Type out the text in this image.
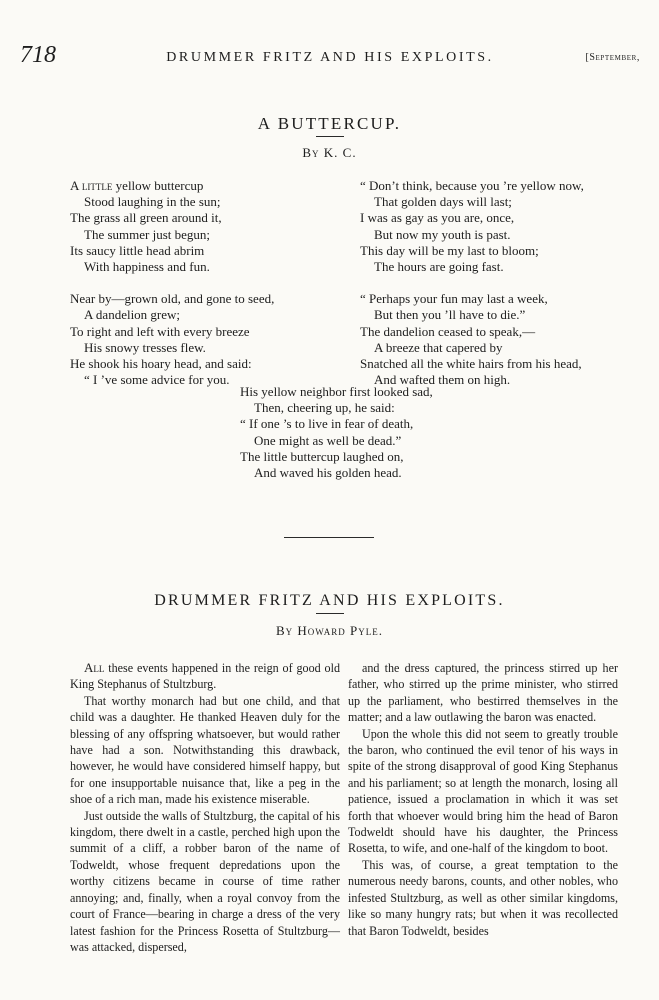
718	DRUMMER FRITZ AND HIS EXPLOITS.	[September,
A BUTTERCUP.
By K. C.
A little yellow buttercup
Stood laughing in the sun;
The grass all green around it,
The summer just begun;
Its saucy little head abrim
With happiness and fun.
Near by—grown old, and gone to seed,
A dandelion grew;
To right and left with every breeze
His snowy tresses flew.
He shook his hoary head, and said:
“ I ’ve some advice for you.
“ Don’t think, because you ’re yellow now,
That golden days will last;
I was as gay as you are, once,
But now my youth is past.
This day will be my last to bloom;
The hours are going fast.
“ Perhaps your fun may last a week,
But then you ’ll have to die.”
The dandelion ceased to speak,—
A breeze that capered by
Snatched all the white hairs from his head,
And wafted them on high.
His yellow neighbor first looked sad,
Then, cheering up, he said:
“ If one ’s to live in fear of death,
One might as well be dead.”
The little buttercup laughed on,
And waved his golden head.
DRUMMER FRITZ AND HIS EXPLOITS.
By Howard Pyle.

All these events happened in the reign of good old King Stephanus of Stultzburg.

That worthy monarch had but one child, and that child was a daughter. He thanked Heaven duly for the blessing of any offspring whatsoever, but would rather have had a son. Notwithstanding this drawback, however, he would have considered himself happy, but for one insupportable nuisance that, like a peg in the shoe of a rich man, made his existence miserable.

Just outside the walls of Stultzburg, the capital of his kingdom, there dwelt in a castle, perched high upon the summit of a cliff, a robber baron of the name of Todweldt, whose frequent depredations upon the worthy citizens became in course of time rather annoying; and, finally, when a royal convoy from the court of France—bearing in charge a dress of the very latest fashion for the Princess Rosetta of Stultzburg—was attacked, dispersed,

and the dress captured, the princess stirred up her father, who stirred up the prime minister, who stirred up the parliament, who bestirred themselves in the matter; and a law outlawing the baron was enacted.

Upon the whole this did not seem to greatly trouble the baron, who continued the evil tenor of his ways in spite of the strong disapproval of good King Stephanus and his parliament; so at length the monarch, losing all patience, issued a proclamation in which it was set forth that whoever would bring him the head of Baron Todweldt should have his daughter, the Princess Rosetta, to wife, and one-half of the kingdom to boot.

This was, of course, a great temptation to the numerous needy barons, counts, and other nobles, who infested Stultzburg, as well as other similar kingdoms, like so many hungry rats; but when it was recollected that Baron Todweldt, besides
